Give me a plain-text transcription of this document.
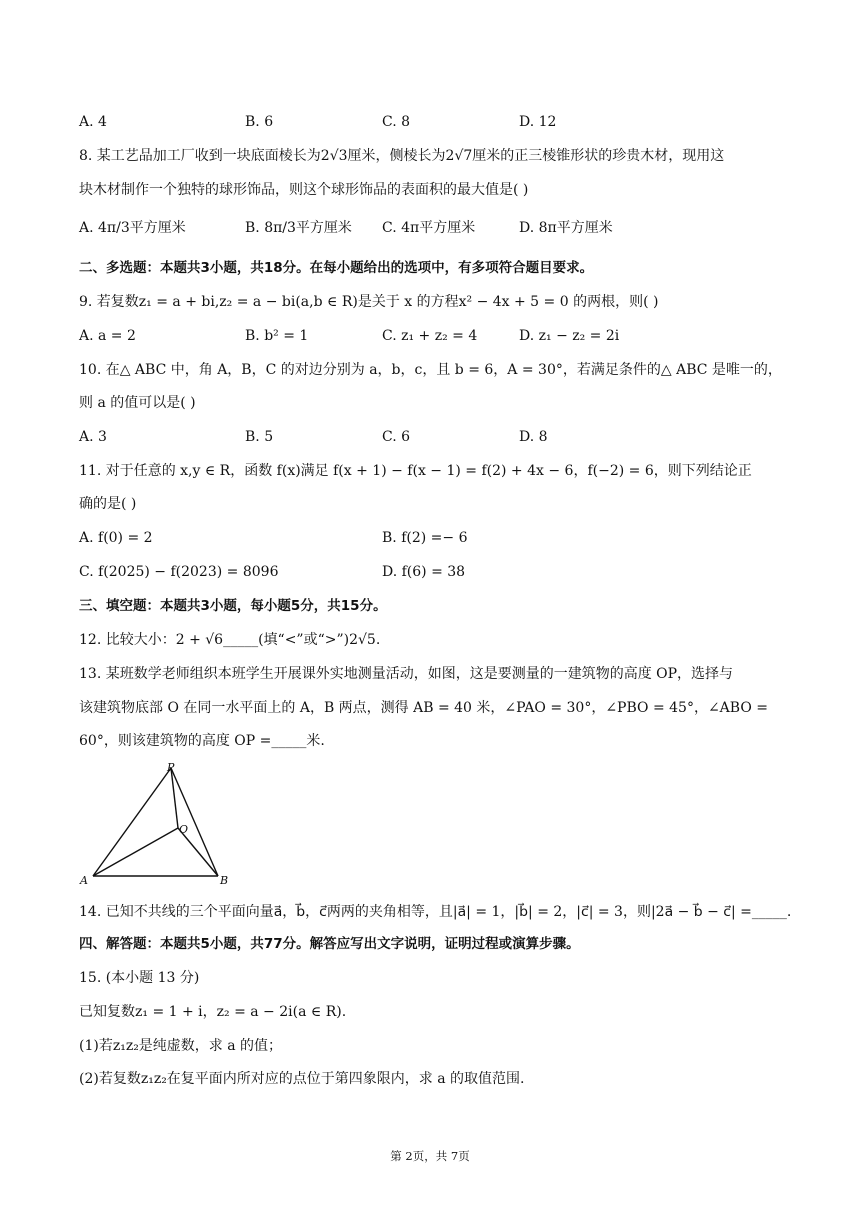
A. 4	B. 6	C. 8	D. 12
8. 某工艺品加工厂收到一块底面棱长为2√3厘米，侧棱长为2√7厘米的正三棱锥形状的珍贵木材，现用这
块木材制作一个独特的球形饰品，则这个球形饰品的表面积的最大值是( )
A. 4π/3平方厘米	B. 8π/3平方厘米 C. 4π平方厘米	D. 8π平方厘米
二、多选题：本题共3小题，共18分。在每小题给出的选项中，有多项符合题目要求。
9. 若复数z₁ = a + bi,z₂ = a − bi(a,b ∈ R)是关于 x 的方程x² − 4x + 5 = 0 的两根，则( )
A. a = 2	B. b² = 1	C. z₁ + z₂ = 4	D. z₁ − z₂ = 2i
10. 在△ ABC 中，角 A，B，C 的对边分别为 a，b，c，且 b = 6，A = 30°，若满足条件的△ ABC 是唯一的，
则 a 的值可以是( )
A. 3	B. 5	C. 6	D. 8
11. 对于任意的 x,y ∈ R，函数 f(x)满足 f(x + 1) − f(x − 1) = f(2) + 4x − 6，f(−2) = 6，则下列结论正
确的是( )
A. f(0) = 2	B. f(2) =− 6
C. f(2025) − f(2023) = 8096	D. f(6) = 38
三、填空题：本题共3小题，每小题5分，共15分。
12. 比较大小：2 + √6_____(填“<”或“>”)2√5.
13. 某班数学老师组织本班学生开展课外实地测量活动，如图，这是要测量的一建筑物的高度 OP，选择与
该建筑物底部 O 在同一水平面上的 A，B 两点，测得 AB = 40 米，∠PAO = 30°，∠PBO = 45°，∠ABO =
60°，则该建筑物的高度 OP =_____米.
P
O
A	B
14. 已知不共线的三个平面向量a⃗，b⃗，c⃗两两的夹角相等，且|a⃗| = 1，|b⃗| = 2，|c⃗| = 3，则|2a⃗ − b⃗ − c⃗| =_____.
四、解答题：本题共5小题，共77分。解答应写出文字说明，证明过程或演算步骤。
15. (本小题 13 分)
已知复数z₁ = 1 + i，z₂ = a − 2i(a ∈ R).
(1)若z₁z₂是纯虚数，求 a 的值；
(2)若复数z₁z₂在复平面内所对应的点位于第四象限内，求 a 的取值范围.
第 2页，共 7页
